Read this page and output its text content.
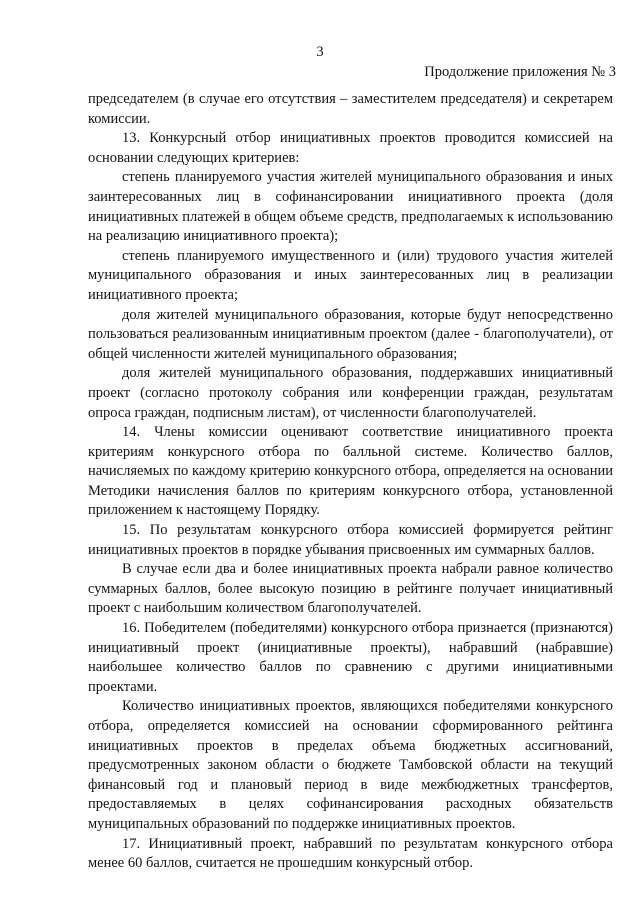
3
Продолжение приложения № 3

председателем (в случае его отсутствия – заместителем председателя) и секретарем комиссии.

13. Конкурсный отбор инициативных проектов проводится комиссией на основании следующих критериев:

степень планируемого участия жителей муниципального образования и иных заинтересованных лиц в софинансировании инициативного проекта (доля инициативных платежей в общем объеме средств, предполагаемых к использованию на реализацию инициативного проекта);

степень планируемого имущественного и (или) трудового участия жителей муниципального образования и иных заинтересованных лиц в реализации инициативного проекта;

доля жителей муниципального образования, которые будут непосредственно пользоваться реализованным инициативным проектом (далее - благополучатели), от общей численности жителей муниципального образования;

доля жителей муниципального образования, поддержавших инициативный проект (согласно протоколу собрания или конференции граждан, результатам опроса граждан, подписным листам), от численности благополучателей.

14. Члены комиссии оценивают соответствие инициативного проекта критериям конкурсного отбора по балльной системе. Количество баллов, начисляемых по каждому критерию конкурсного отбора, определяется на основании Методики начисления баллов по критериям конкурсного отбора, установленной приложением к настоящему Порядку.

15. По результатам конкурсного отбора комиссией формируется рейтинг инициативных проектов в порядке убывания присвоенных им суммарных баллов.

В случае если два и более инициативных проекта набрали равное количество суммарных баллов, более высокую позицию в рейтинге получает инициативный проект с наибольшим количеством благополучателей.

16. Победителем (победителями) конкурсного отбора признается (признаются) инициативный проект (инициативные проекты), набравший (набравшие) наибольшее количество баллов по сравнению с другими инициативными проектами.

Количество инициативных проектов, являющихся победителями конкурсного отбора, определяется комиссией на основании сформированного рейтинга инициативных проектов в пределах объема бюджетных ассигнований, предусмотренных законом области о бюджете Тамбовской области на текущий финансовый год и плановый период в виде межбюджетных трансфертов, предоставляемых в целях софинансирования расходных обязательств муниципальных образований по поддержке инициативных проектов.

17. Инициативный проект, набравший по результатам конкурсного отбора менее 60 баллов, считается не прошедшим конкурсный отбор.
